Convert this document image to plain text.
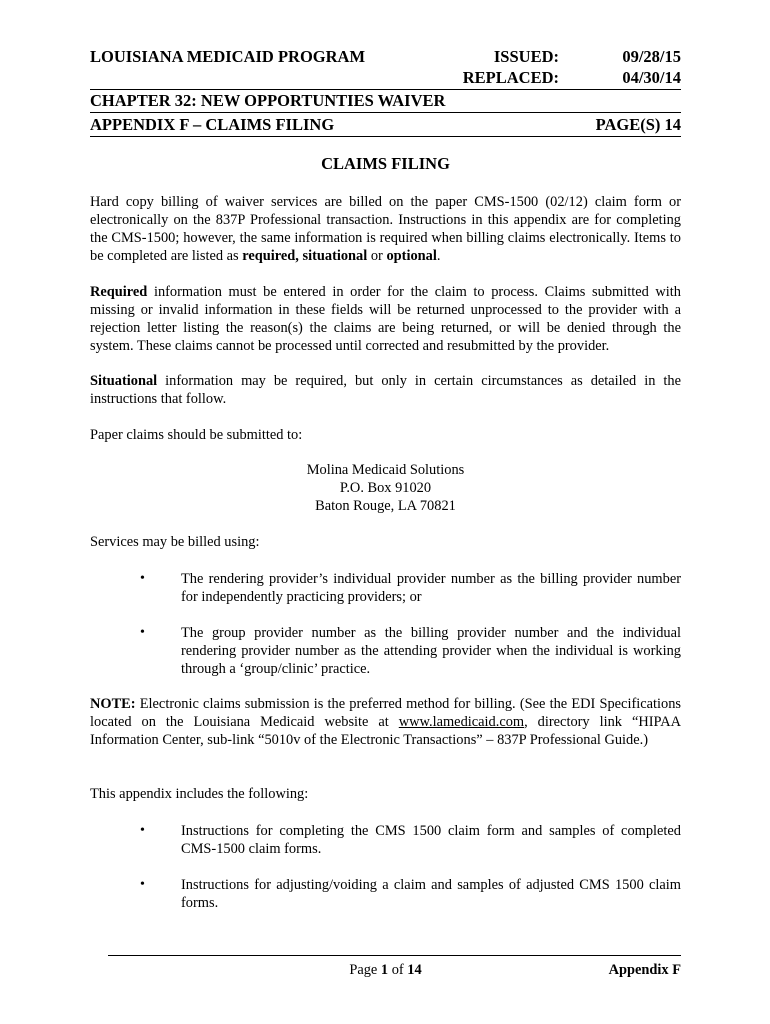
LOUISIANA MEDICAID PROGRAM	ISSUED:	09/28/15
REPLACED:	04/30/14
CHAPTER 32: NEW OPPORTUNTIES WAIVER
APPENDIX F – CLAIMS FILING	PAGE(S) 14
CLAIMS FILING

Hard copy billing of waiver services are billed on the paper CMS-1500 (02/12) claim form or electronically on the 837P Professional transaction. Instructions in this appendix are for completing the CMS-1500; however, the same information is required when billing claims electronically. Items to be completed are listed as required, situational or optional.

Required information must be entered in order for the claim to process. Claims submitted with missing or invalid information in these fields will be returned unprocessed to the provider with a rejection letter listing the reason(s) the claims are being returned, or will be denied through the system. These claims cannot be processed until corrected and resubmitted by the provider.

Situational information may be required, but only in certain circumstances as detailed in the instructions that follow.

Paper claims should be submitted to:

Molina Medicaid Solutions
P.O. Box 91020
Baton Rouge, LA 70821

Services may be billed using:

•	The rendering provider’s individual provider number as the billing provider number for independently practicing providers; or
•	The group provider number as the billing provider number and the individual rendering provider number as the attending provider when the individual is working through a ‘group/clinic’ practice.

NOTE: Electronic claims submission is the preferred method for billing. (See the EDI Specifications located on the Louisiana Medicaid website at www.lamedicaid.com, directory link “HIPAA Information Center, sub-link “5010v of the Electronic Transactions” – 837P Professional Guide.)

This appendix includes the following:

•	Instructions for completing the CMS 1500 claim form and samples of completed CMS-1500 claim forms.
•	Instructions for adjusting/voiding a claim and samples of adjusted CMS 1500 claim forms.
Page 1 of 14	Appendix F
